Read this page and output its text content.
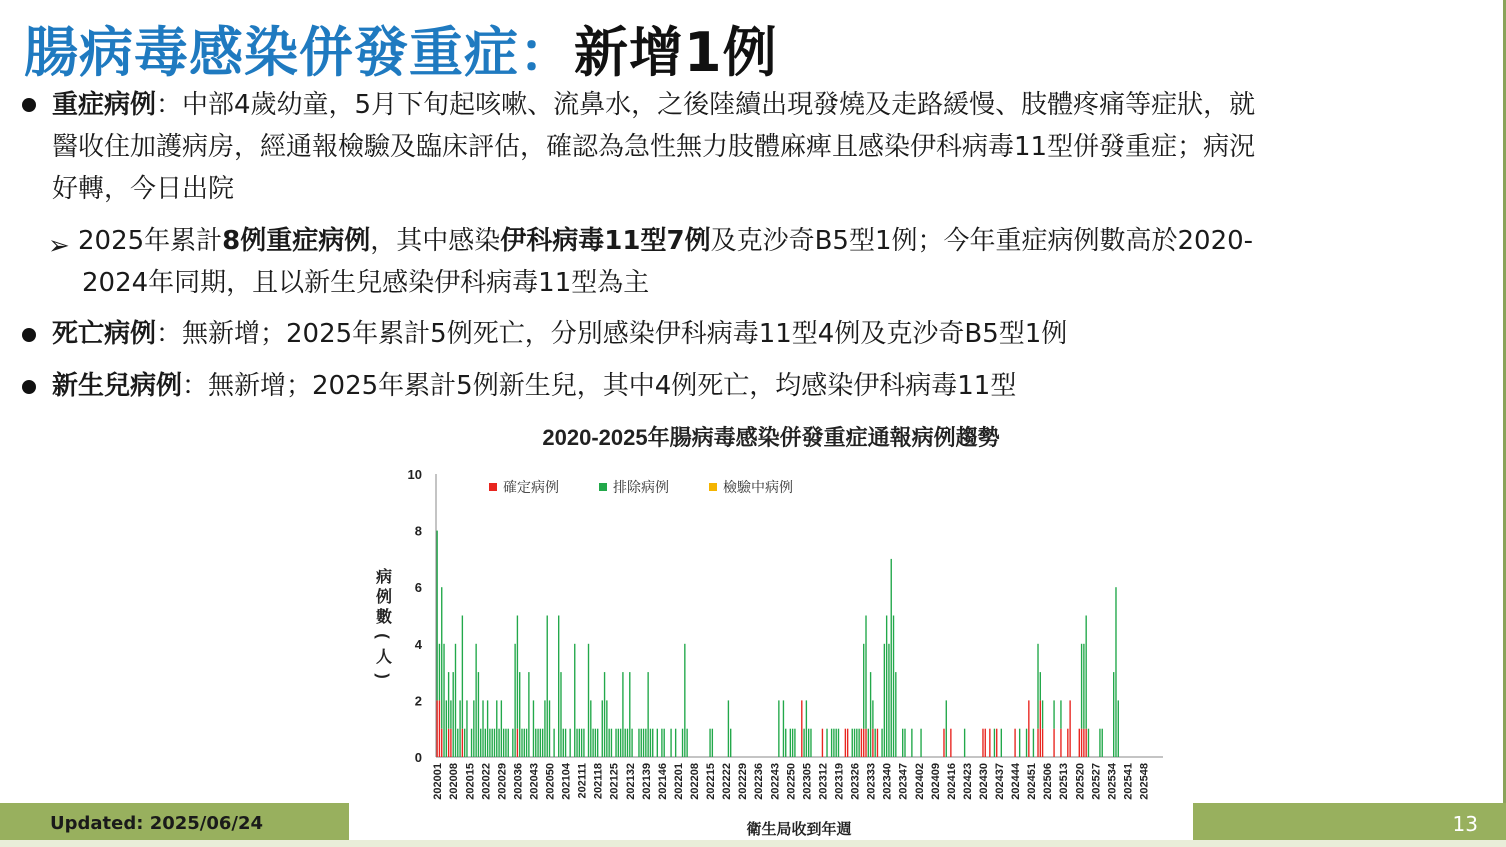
腸病毒感染併發重症：新增1例
重症病例：中部4歲幼童，5月下旬起咳嗽、流鼻水，之後陸續出現發燒及走路緩慢、肢體疼痛等症狀，就
醫收住加護病房，經通報檢驗及臨床評估，確認為急性無力肢體麻痺且感染伊科病毒11型併發重症；病況
好轉，今日出院
➢ 2025年累計8例重症病例，其中感染伊科病毒11型7例及克沙奇B5型1例；今年重症病例數高於2020-
2024年同期，且以新生兒感染伊科病毒11型為主
死亡病例：無新增；2025年累計5例死亡，分別感染伊科病毒11型4例及克沙奇B5型1例
新生兒病例：無新增；2025年累計5例新生兒，其中4例死亡，均感染伊科病毒11型
Updated: 2025/06/24	13
2020-2025年腸病毒感染併發重症通報病例趨勢
0
2
4
6
8
10
病
例
數
(
人
)
確定病例	排除病例	檢驗中病例
202001 202008 202015 202022 202029 202036 202043 202050 202104 202111 202118 202125 202132 202139 202146 202201 202208 202215 202222 202229 202236 202243 202250 202305 202312 202319 202326 202333 202340 202347 202402 202409 202416 202423 202430 202437 202444 202451 202506 202513 202520 202527 202534 202541 202548
衛生局收到年週
